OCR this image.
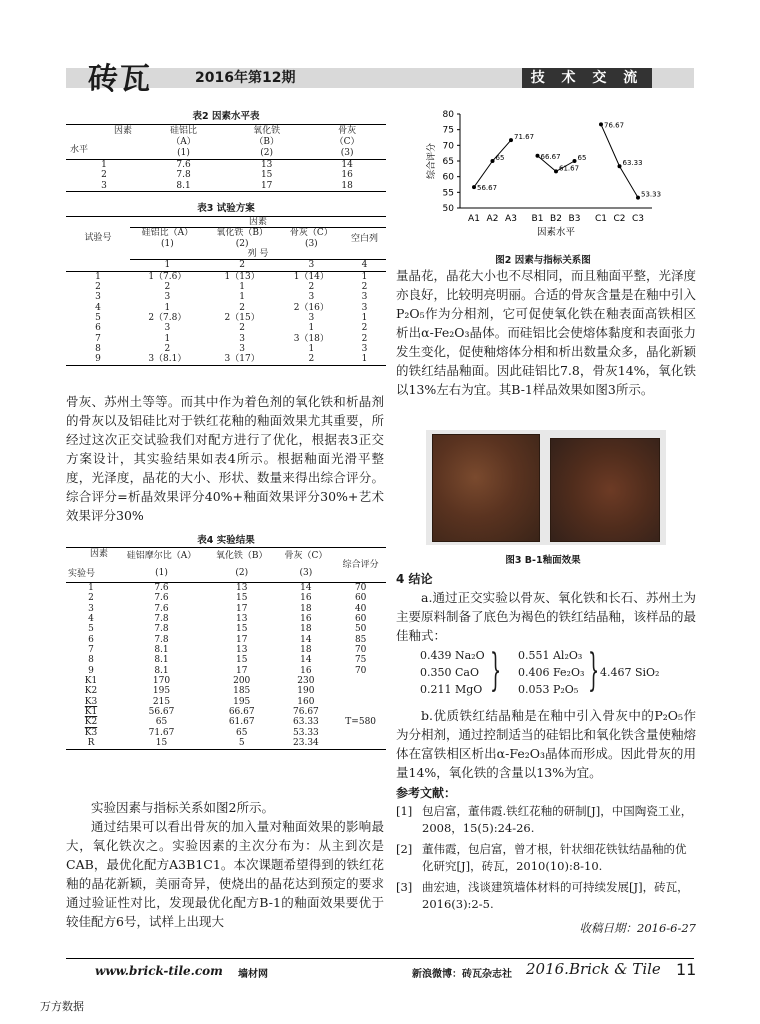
砖瓦	2016年第12期	技 术 交 流
表2 因素水平表
因素
水平	硅铝比	氧化铁	骨灰
	（A）	（B）	（C）
	(1)	(2)	(3)
1	7.6	13	14
2	7.8	15	16
3	8.1	17	18
表3 试验方案
试验号	因素			
	硅铝比（A）	氧化铁（B）	骨灰（C）	空白列
	(1)	(2)	(3)	
	列 号			
	1	2	3	4
1	1（7.6）	1（13）	1（14）	1
2	2	1	2	2
3	3	1	3	3
4	1	2	2（16）	3
5	2（7.8）	2（15）	3	1
6	3	2	1	2
7	1	3	3（18）	2
8	2	3	1	3
9	3（8.1）	3（17）	2	1

骨灰、苏州土等等。而其中作为着色剂的氧化铁和析晶剂的骨灰以及铝硅比对于铁红花釉的釉面效果尤其重要，所经过这次正交试验我们对配方进行了优化，根据表3正交方案设计，其实验结果如表4所示。根据釉面光滑平整度，光泽度，晶花的大小、形状、数量来得出综合评分。综合评分=析晶效果评分40%+釉面效果评分30%+艺术效果评分30%

表4 实验结果
因素
实验号	硅铝摩尔比（A）	氧化铁（B）	骨灰（C）	综合评分
	(1)	(2)	(3)	
1	7.6	13	14	70
2	7.6	15	16	60
3	7.6	17	18	40
4	7.8	13	16	60
5	7.8	15	18	50
6	7.8	17	14	85
7	8.1	13	18	70
8	8.1	15	14	75
9	8.1	17	16	70
K1	170	200	230	
K2	195	185	190	
K3	215	195	160	
K1	56.67	66.67	76.67	T=580
K2	65	61.67	63.33	
K3	71.67	65	53.33	
R	15	5	23.34	

实验因素与指标关系如图2所示。

通过结果可以看出骨灰的加入量对釉面效果的影响最大，氧化铁次之。实验因素的主次分布为：从主到次是CAB，最优化配方A3B1C1。本次课题希望得到的铁红花釉的晶花新颖，美丽奇异，使烧出的晶花达到预定的要求通过验证性对比，发现最优化配方B-1的釉面效果要优于较佳配方6号，试样上出现大

50
55
60
65
70
75
80
A1 A2 A3 B1 B2 B3 C1 C2 C3
因素水平
综合评分
56.67
65
71.67
66.67
61.67
65
76.67
63.33
53.33
图2 因素与指标关系图

量晶花，晶花大小也不尽相同，而且釉面平整，光泽度亦良好，比较明亮明丽。合适的骨灰含量是在釉中引入P₂O₅作为分相剂，它可促使氧化铁在釉表面高铁相区析出α-Fe₂O₃晶体。而硅铝比会使熔体黏度和表面张力发生变化，促使釉熔体分相和析出数量众多，晶化新颖的铁红结晶釉面。因此硅铝比7.8，骨灰14%，氧化铁以13%左右为宜。其B-1样品效果如图3所示。

图3 B-1釉面效果
4 结论

a.通过正交实验以骨灰、氧化铁和长石、苏州土为主要原料制备了底色为褐色的铁红结晶釉，该样品的最佳釉式：

0.439 Na₂O
0.350 CaO
0.211 MgO } 0.551 Al₂O₃
0.406 Fe₂O₃
0.053 P₂O₅ } 4.467 SiO₂

b.优质铁红结晶釉是在釉中引入骨灰中的P₂O₅作为分相剂，通过控制适当的硅铝比和氧化铁含量使釉熔体在富铁相区析出α-Fe₂O₃晶体而形成。因此骨灰的用量14%，氧化铁的含量以13%为宜。

参考文献：
[1] 包启富，董伟霞.铁红花釉的研制[J]，中国陶瓷工业，2008，15(5):24-26.
[2] 董伟霞，包启富，曾才根，针状细花铁钛结晶釉的优化研究[J]，砖瓦，2010(10):8-10.
[3] 曲宏迪，浅谈建筑墙体材料的可持续发展[J]，砖瓦，2016(3):2-5.
收稿日期：2016-6-27
www.brick-tile.com 墙材网	新浪微博：砖瓦杂志社 2016.Brick & Tile 11
万方数据
